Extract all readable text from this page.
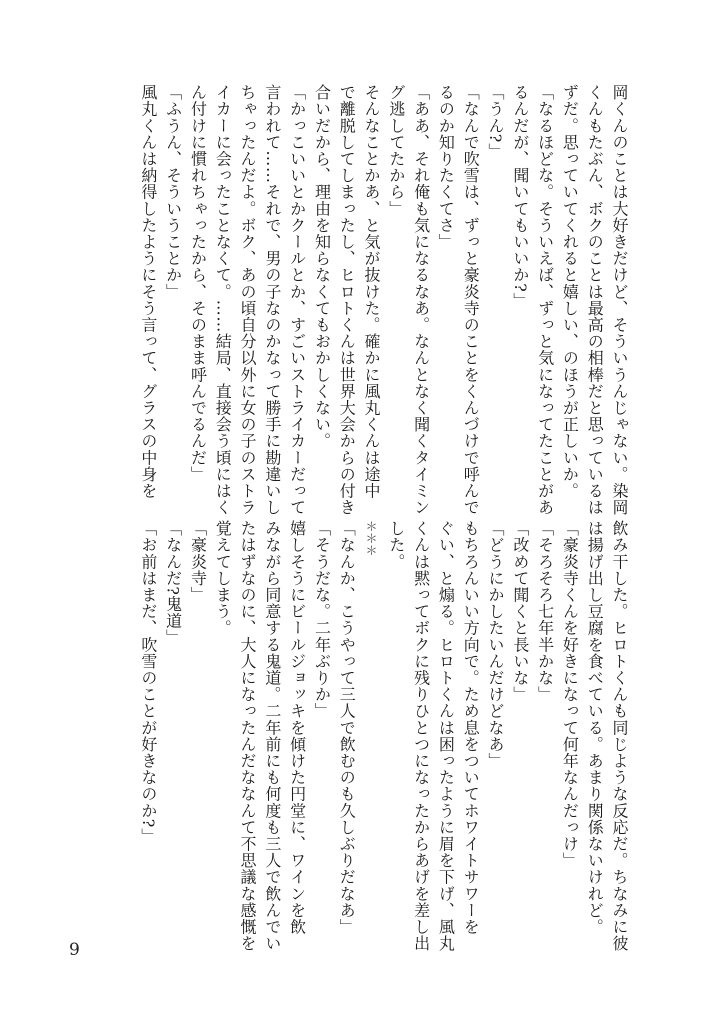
岡くんのことは大好きだけど、そういうんじゃない。染岡
くんもたぶん、ボクのことは最高の相棒だと思っているは
ずだ。思っていてくれると嬉しい、のほうが正しいか。
「なるほどな。そういえば、ずっと気になってたことがあ
るんだが、聞いてもいいか?」
「うん?」
「なんで吹雪は、ずっと豪炎寺のことをくんづけで呼んで
るのか知りたくてさ」
「ああ、それ俺も気になるなあ。なんとなく聞くタイミン
グ逃してたから」
そんなことかあ、と気が抜けた。確かに風丸くんは途中
で離脱してしまったし、ヒロトくんは世界大会からの付き
合いだから、理由を知らなくてもおかしくない。
「かっこいいとかクールとか、すごいストライカーだって
言われて……それで、男の子なのかなって勝手に勘違いし
ちゃったんだよ。ボク、あの頃自分以外に女の子のストラ
イカーに会ったことなくて。……結局、直接会う頃にはく
ん付けに慣れちゃったから、そのまま呼んでるんだ」
「ふうん、そういうことか」
風丸くんは納得したようにそう言って、グラスの中身を
飲み干した。ヒロトくんも同じような反応だ。ちなみに彼
は揚げ出し豆腐を食べている。あまり関係ないけれど。
「豪炎寺くんを好きになって何年なんだっけ」
「そろそろ七年半かな」
「改めて聞くと長いな」
「どうにかしたいんだけどなあ」
もちろんいい方向で。ため息をついてホワイトサワーを
ぐい、と煽る。ヒロトくんは困ったように眉を下げ、風丸
くんは黙ってボクに残りひとつになったからあげを差し出
した。
＊＊＊
「なんか、こうやって三人で飲むのも久しぶりだなあ」
「そうだな。二年ぶりか」
嬉しそうにビールジョッキを傾けた円堂に、ワインを飲
みながら同意する鬼道。二年前にも何度も三人で飲んでい
たはずなのに、大人になったんだななんて不思議な感慨を
覚えてしまう。
「豪炎寺」
「なんだ?鬼道」
「お前はまだ、吹雪のことが好きなのか?」
9
